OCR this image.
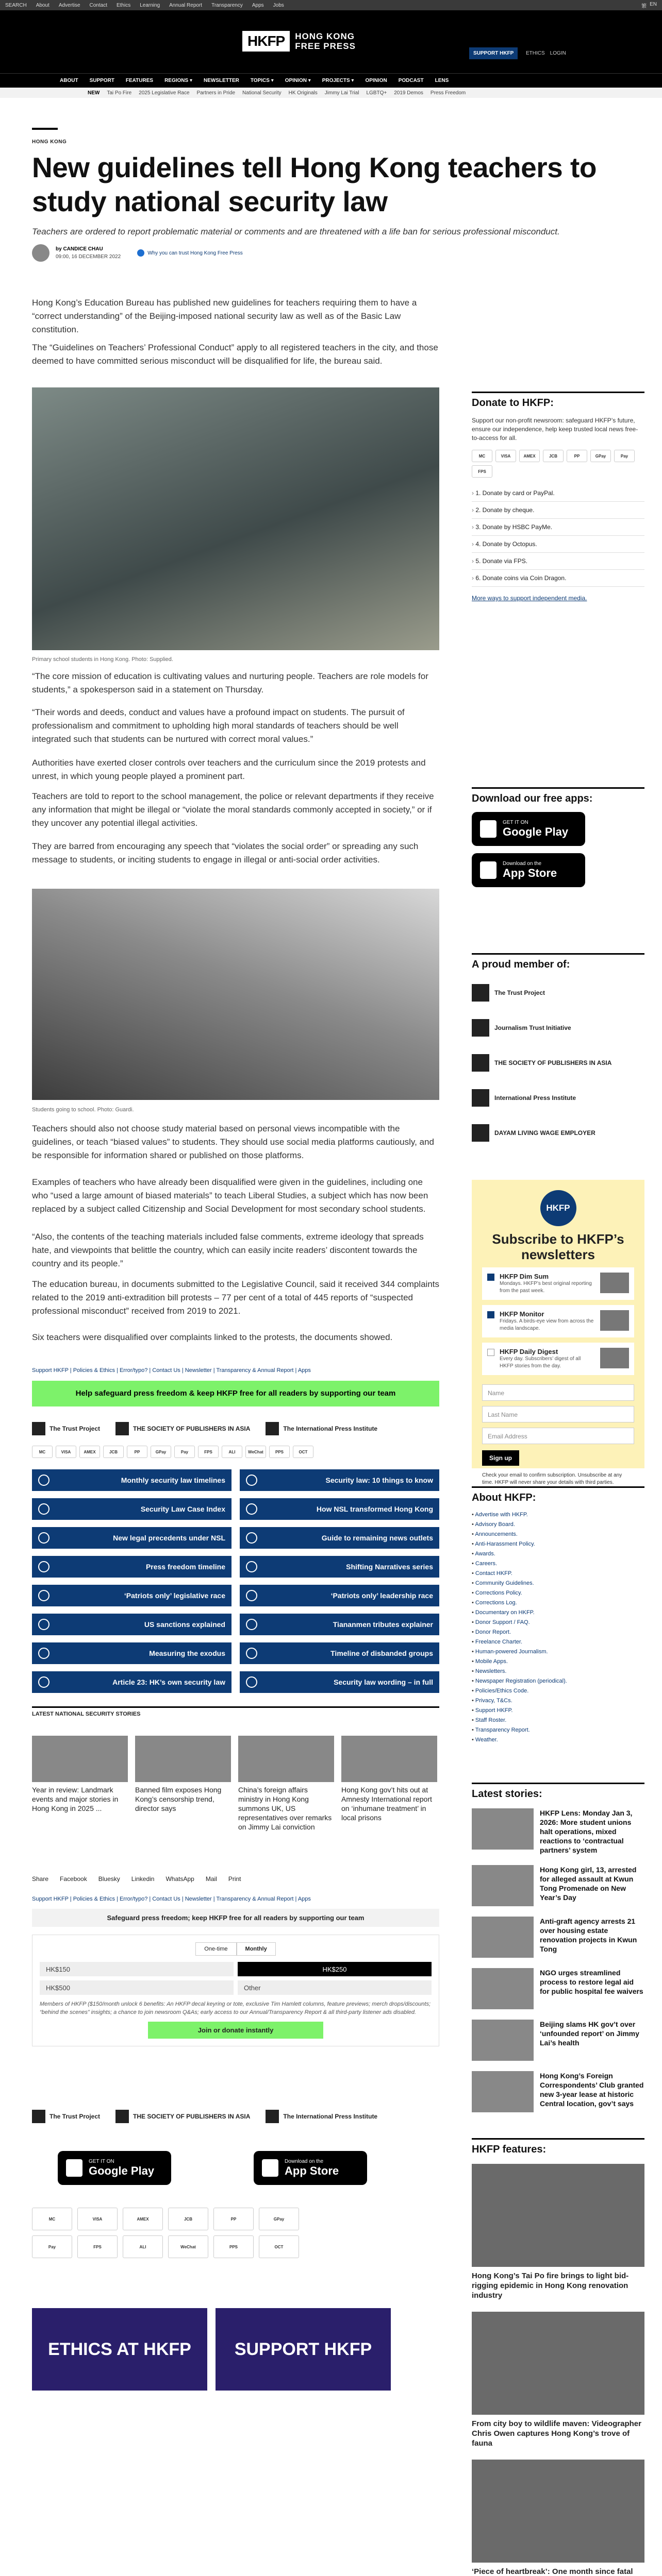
SEARCH About Advertise Contact Ethics Learning Annual Report Transparency Apps Jobs	繁 EN
HKFP	HONG KONG
FREE PRESS
SUPPORT HKFP	ETHICS LOGIN
ABOUT SUPPORT FEATURES REGIONS ▾ NEWSLETTER TOPICS ▾ OPINION ▾ PROJECTS ▾ OPINION PODCAST LENS
NEW Tai Po Fire 2025 Legislative Race Partners in Pride National Security HK Originals Jimmy Lai Trial LGBTQ+ 2019 Demos Press Freedom
HONG KONG
New guidelines tell Hong Kong teachers to study national security law

Teachers are ordered to report problematic material or comments and are threatened with a life ban for serious professional misconduct.

by CANDICE CHAU
09:00, 16 DECEMBER 2022
Why you can trust Hong Kong Free Press

Hong Kong’s Education Bureau has published new guidelines for teachers requiring them to have a “correct understanding” of the Beijing-imposed national security law as well as of the Basic Law constitution.

The “Guidelines on Teachers’ Professional Conduct” apply to all registered teachers in the city, and those deemed to have committed serious misconduct will be disqualified for life, the bureau said.

Primary school students in Hong Kong. Photo: Supplied.

“The core mission of education is cultivating values and nurturing people. Teachers are role models for students,” a spokesperson said in a statement on Thursday.

“Their words and deeds, conduct and values have a profound impact on students. The pursuit of professionalism and commitment to upholding high moral standards of teachers should be well integrated such that students can be nurtured with correct moral values.”

Authorities have exerted closer controls over teachers and the curriculum since the 2019 protests and unrest, in which young people played a prominent part.

Teachers are told to report to the school management, the police or relevant departments if they receive any information that might be illegal or “violate the moral standards commonly accepted in society,” or if they uncover any potential illegal activities.

They are barred from encouraging any speech that “violates the social order” or spreading any such message to students, or inciting students to engage in illegal or anti-social order activities.

Students going to school. Photo: Guardi.

Teachers should also not choose study material based on personal views incompatible with the guidelines, or teach “biased values” to students. They should use social media platforms cautiously, and be responsible for information shared or published on those platforms.

Examples of teachers who have already been disqualified were given in the guidelines, including one who “used a large amount of biased materials” to teach Liberal Studies, a subject which has now been replaced by a subject called Citizenship and Social Development for most secondary school students.

“Also, the contents of the teaching materials included false comments, extreme ideology that spreads hate, and viewpoints that belittle the country, which can easily incite readers’ discontent towards the country and its people.”

The education bureau, in documents submitted to the Legislative Council, said it received 344 complaints related to the 2019 anti-extradition bill protests – 77 per cent of a total of 445 reports of “suspected professional misconduct” received from 2019 to 2021.

Six teachers were disqualified over complaints linked to the protests, the documents showed.

Support HKFP | Policies & Ethics | Error/typo? | Contact Us | Newsletter | Transparency & Annual Report | Apps
Help safeguard press freedom & keep HKFP free for all readers by supporting our team
The Trust Project	THE SOCIETY OF PUBLISHERS IN ASIA	The International Press Institute
MC	VISA	AMEX	JCB	PP	GPay	Pay	FPS	ALI	WeChat	PPS	OCT
Monthly security law timelines	Security law: 10 things to know
Security Law Case Index	How NSL transformed Hong Kong
New legal precedents under NSL	Guide to remaining news outlets
Press freedom timeline	Shifting Narratives series
‘Patriots only’ legislative race	‘Patriots only’ leadership race
US sanctions explained	Tiananmen tributes explainer
Measuring the exodus	Timeline of disbanded groups
Article 23: HK’s own security law	Security law wording – in full
LATEST NATIONAL SECURITY STORIES
Year in review: Landmark events and major stories in Hong Kong in 2025 ...
Banned film exposes Hong Kong’s censorship trend, director says
China’s foreign affairs ministry in Hong Kong summons UK, US representatives over remarks on Jimmy Lai conviction
Hong Kong gov’t hits out at Amnesty International report on ‘inhumane treatment’ in local prisons
Share Facebook Bluesky Linkedin WhatsApp Mail Print
Support HKFP | Policies & Ethics | Error/typo? | Contact Us | Newsletter | Transparency & Annual Report | Apps
Safeguard press freedom; keep HKFP free for all readers by supporting our team
One-time	Monthly
HK$150	HK$250
HK$500	Other

Members of HKFP ($150/month unlock 6 benefits: An HKFP decal keyring or tote, exclusive Tim Hamlett columns, feature previews; merch drops/discounts; “behind the scenes” insights; a chance to join newsroom Q&As; early access to our Annual/Transparency Report & all third-party listener ads disabled.

Join or donate instantly
The Trust Project	THE SOCIETY OF PUBLISHERS IN ASIA	The International Press Institute
GET IT ON
Google Play
Download on the
App Store
MC	VISA	AMEX	JCB	PP	GPay
Pay	FPS	ALI	WeChat	PPS	OCT
ETHICS AT HKFP	SUPPORT HKFP
Donate to HKFP:

Support our non-profit newsroom: safeguard HKFP’s future, ensure our independence, help keep trusted local news free-to-access for all.

MC	VISA	AMEX	JCB	PP	GPay	Pay
FPS
› 1. Donate by card or PayPal.
› 2. Donate by cheque.
› 3. Donate by HSBC PayMe.
› 4. Donate by Octopus.
› 5. Donate via FPS.
› 6. Donate coins via Coin Dragon.

More ways to support independent media.

Download our free apps:
GET IT ON
Google Play
Download on the
App Store
A proud member of:
The Trust Project
Journalism Trust Initiative
THE SOCIETY OF PUBLISHERS IN ASIA
International Press Institute
DAYAM LIVING WAGE EMPLOYER
HKFP
Subscribe to HKFP’s newsletters
HKFP Dim Sum
Mondays. HKFP’s best original reporting from the past week.
HKFP Monitor
Fridays. A birds-eye view from across the media landscape.
HKFP Daily Digest
Every day. Subscribers’ digest of all HKFP stories from the day.
Name
Last Name
Email Address
Sign up

Check your email to confirm subscription. Unsubscribe at any time. HKFP will never share your details with third parties.

About HKFP:
• Advertise with HKFP.
• Advisory Board.
• Announcements.
• Anti-Harassment Policy.
• Awards.
• Careers.
• Contact HKFP.
• Community Guidelines.
• Corrections Policy.
• Corrections Log.
• Documentary on HKFP.
• Donor Support / FAQ.
• Donor Report.
• Freelance Charter.
• Human-powered Journalism.
• Mobile Apps.
• Newsletters.
• Newspaper Registration (periodical).
• Policies/Ethics Code.
• Privacy, T&Cs.
• Support HKFP.
• Staff Roster.
• Transparency Report.
• Weather.
Latest stories:
HKFP Lens: Monday Jan 3, 2026: More student unions halt operations, mixed reactions to ‘contractual partners’ system
Hong Kong girl, 13, arrested for alleged assault at Kwun Tong Promenade on New Year’s Day
Anti-graft agency arrests 21 over housing estate renovation projects in Kwun Tong
NGO urges streamlined process to restore legal aid for public hospital fee waivers
Beijing slams HK gov’t over ‘unfounded report’ on Jimmy Lai’s health
Hong Kong’s Foreign Correspondents’ Club granted new 3-year lease at historic Central location, gov’t says
HKFP features:
Hong Kong’s Tai Po fire brings to light bid-rigging epidemic in Hong Kong renovation industry
From city boy to wildlife maven: Videographer Chris Owen captures Hong Kong’s trove of fauna
‘Piece of heartbreak’: One month since fatal
